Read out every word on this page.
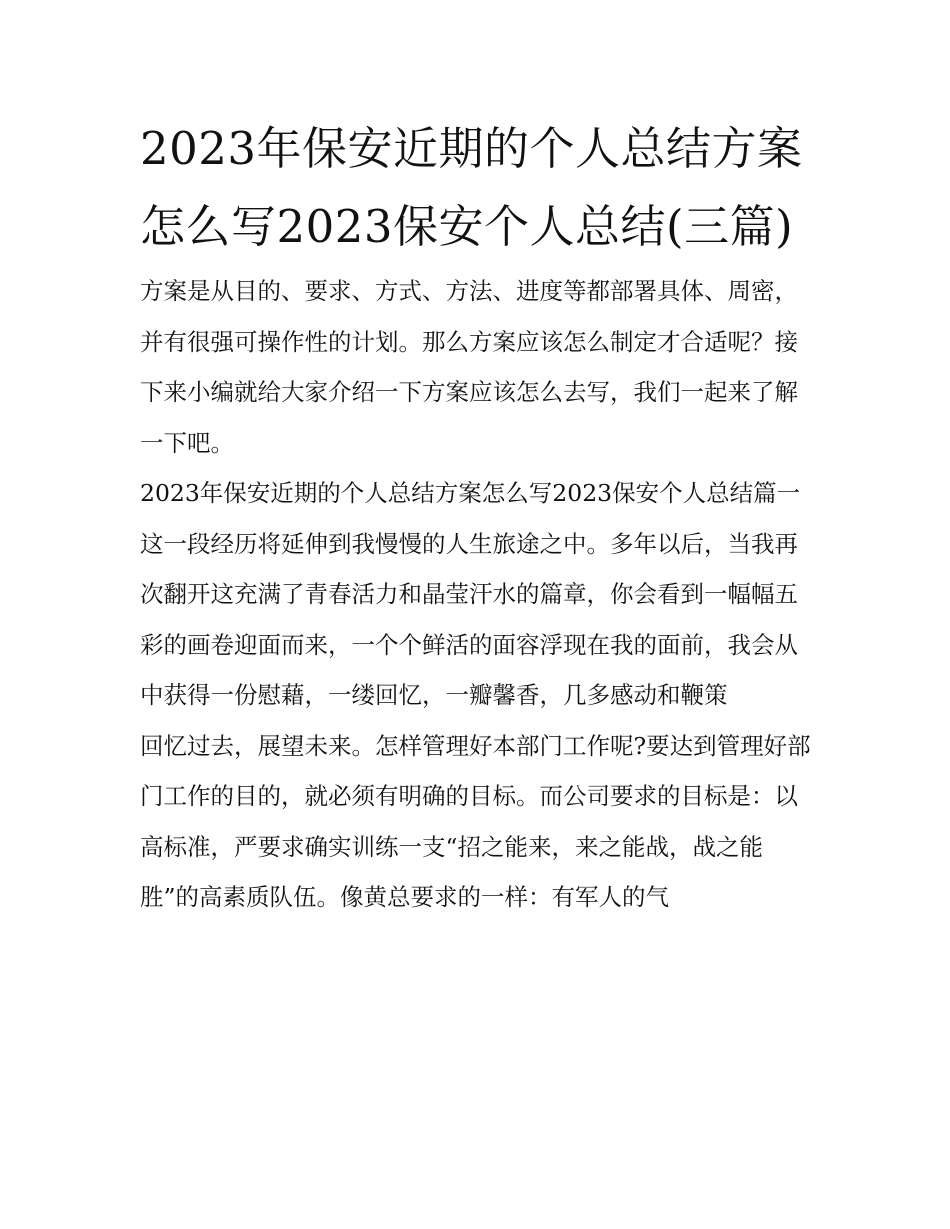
2023年保安近期的个人总结方案怎么写2023保安个人总结(三篇)

方案是从目的、要求、方式、方法、进度等都部署具体、周密，并有很强可操作性的计划。那么方案应该怎么制定才合适呢？接下来小编就给大家介绍一下方案应该怎么去写，我们一起来了解一下吧。

2023年保安近期的个人总结方案怎么写2023保安个人总结篇一

这一段经历将延伸到我慢慢的人生旅途之中。多年以后，当我再次翻开这充满了青春活力和晶莹汗水的篇章，你会看到一幅幅五彩的画卷迎面而来，一个个鲜活的面容浮现在我的面前，我会从中获得一份慰藉，一缕回忆，一瓣馨香，几多感动和鞭策

回忆过去，展望未来。怎样管理好本部门工作呢?要达到管理好部门工作的目的，就必须有明确的目标。而公司要求的目标是：以高标准，严要求确实训练一支“招之能来，来之能战，战之能胜”的高素质队伍。像黄总要求的一样：有军人的气
